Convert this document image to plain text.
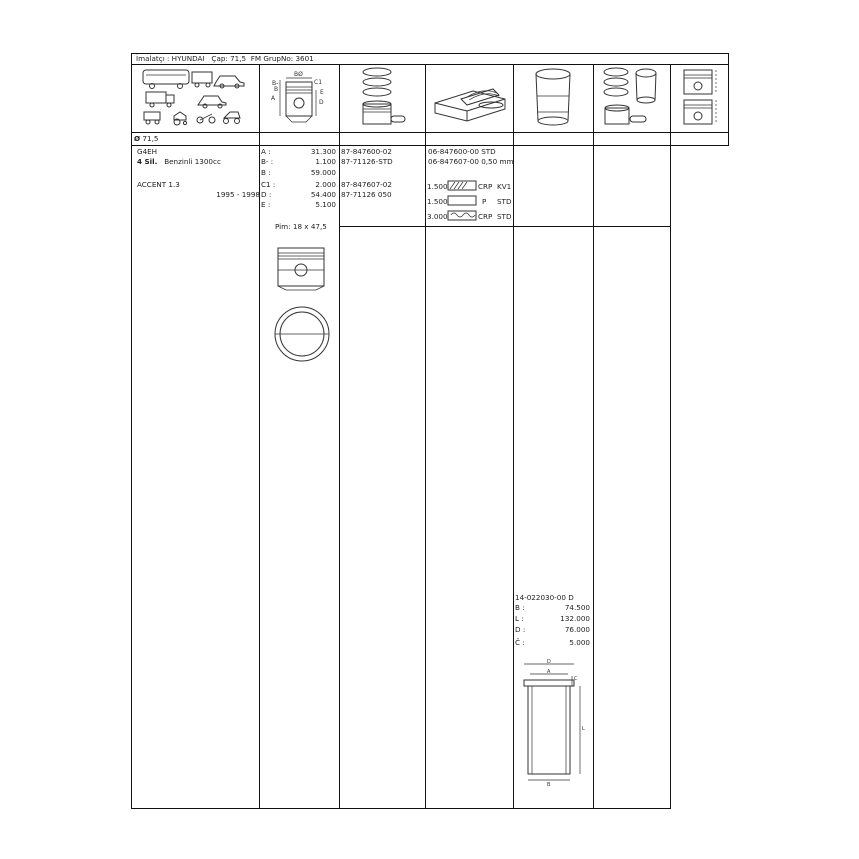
İmalatçı : HYUNDAI Çap: 71,5 FM GrupNo: 3601
BØ
B-
B
C1
E
A
D
Ø 71,5
G4EH
4 Sil. Benzinli 1300cc
ACCENT 1.3
1995 - 1998
A :	31.300
B- :	1.100
B :	59.000
C1 :	2.000
D :	54.400
E :	5.100
Pim: 18 x 47,5
87-847600-02
87-71126-STD
87-847607-02
87-71126 050
06-847600-00 STD
06-847607-00 0,50 mm
1.500	CRP KV1
1.500	P STD
3.000	CRP STD
14-022030-00 D
B :	74.500
L :	132.000
D :	76.000
Ĉ :	5.000
D
A
C
L
B
